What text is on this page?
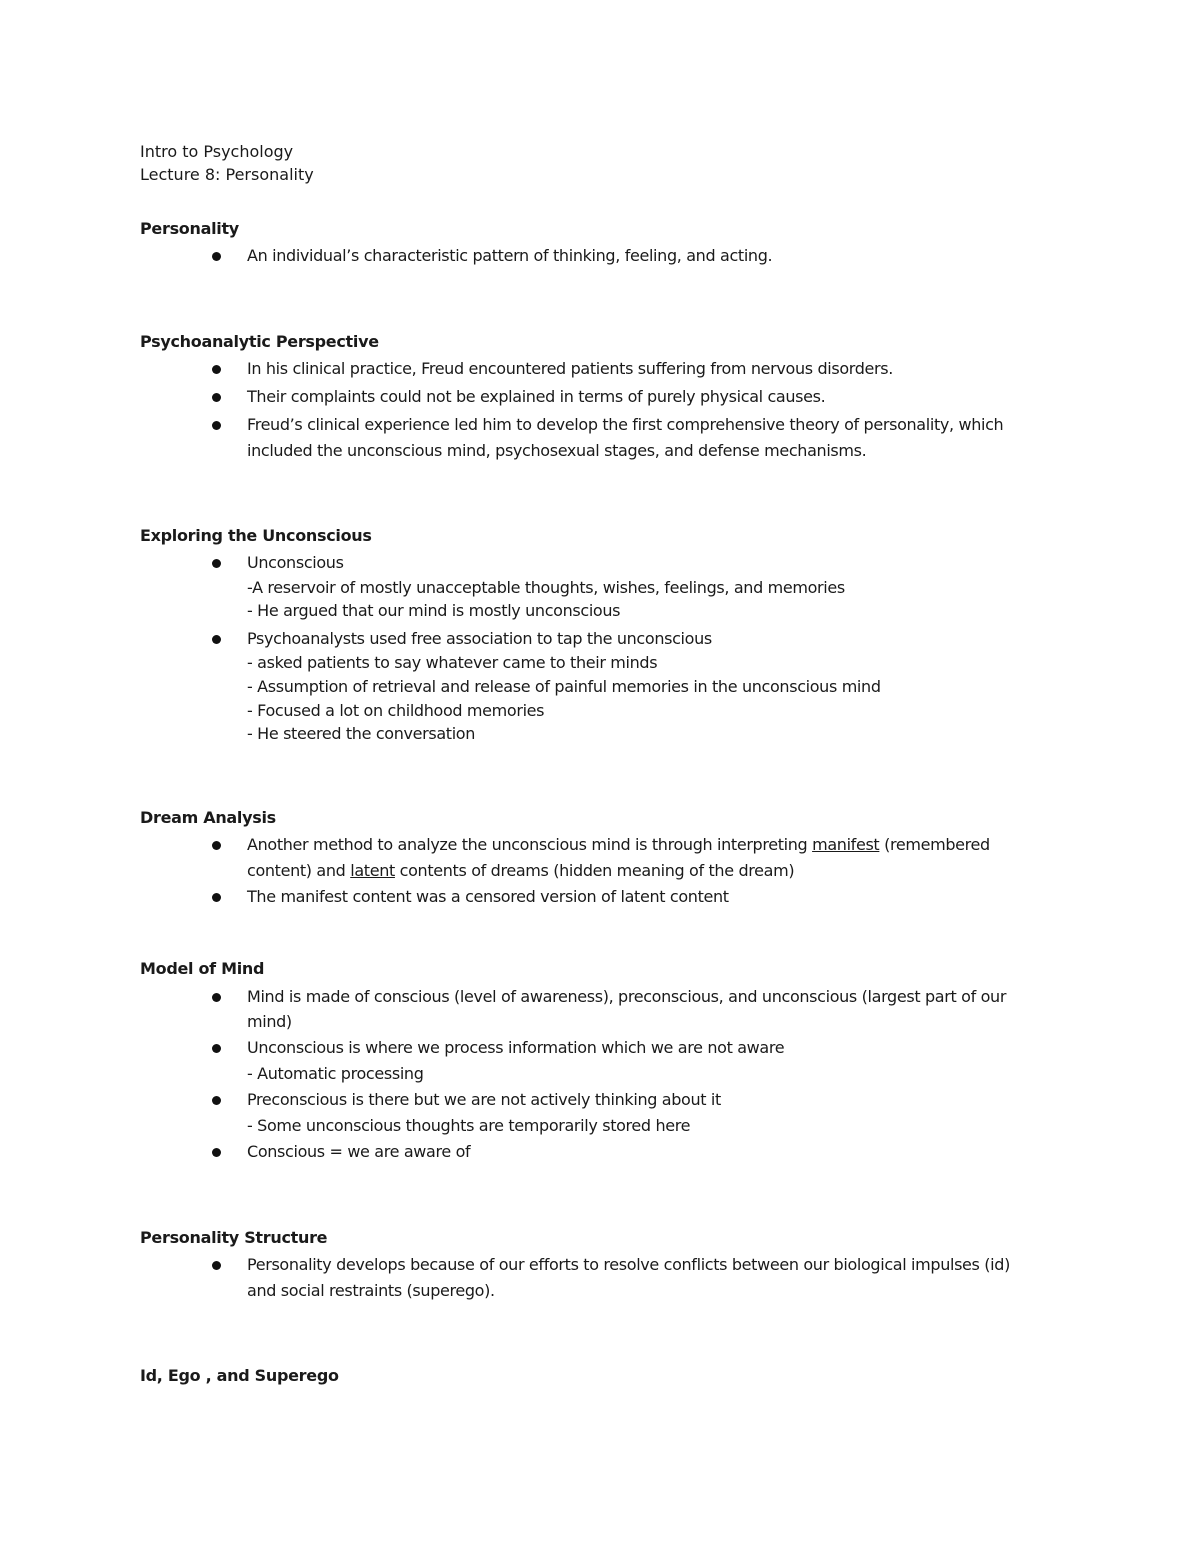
Intro to Psychology
Lecture 8: Personality
Personality
An individual’s characteristic pattern of thinking, feeling, and acting.
Psychoanalytic Perspective
In his clinical practice, Freud encountered patients suffering from nervous disorders.
Their complaints could not be explained in terms of purely physical causes.
Freud’s clinical experience led him to develop the first comprehensive theory of personality, which
included the unconscious mind, psychosexual stages, and defense mechanisms.
Exploring the Unconscious
Unconscious
-A reservoir of mostly unacceptable thoughts, wishes, feelings, and memories
- He argued that our mind is mostly unconscious
Psychoanalysts used free association to tap the unconscious
- asked patients to say whatever came to their minds
- Assumption of retrieval and release of painful memories in the unconscious mind
- Focused a lot on childhood memories
- He steered the conversation
Dream Analysis
Another method to analyze the unconscious mind is through interpreting manifest (remembered
content) and latent contents of dreams (hidden meaning of the dream)
The manifest content was a censored version of latent content
Model of Mind
Mind is made of conscious (level of awareness), preconscious, and unconscious (largest part of our
mind)
Unconscious is where we process information which we are not aware
- Automatic processing
Preconscious is there but we are not actively thinking about it
- Some unconscious thoughts are temporarily stored here
Conscious = we are aware of
Personality Structure
Personality develops because of our efforts to resolve conflicts between our biological impulses (id)
and social restraints (superego).
Id, Ego , and Superego
